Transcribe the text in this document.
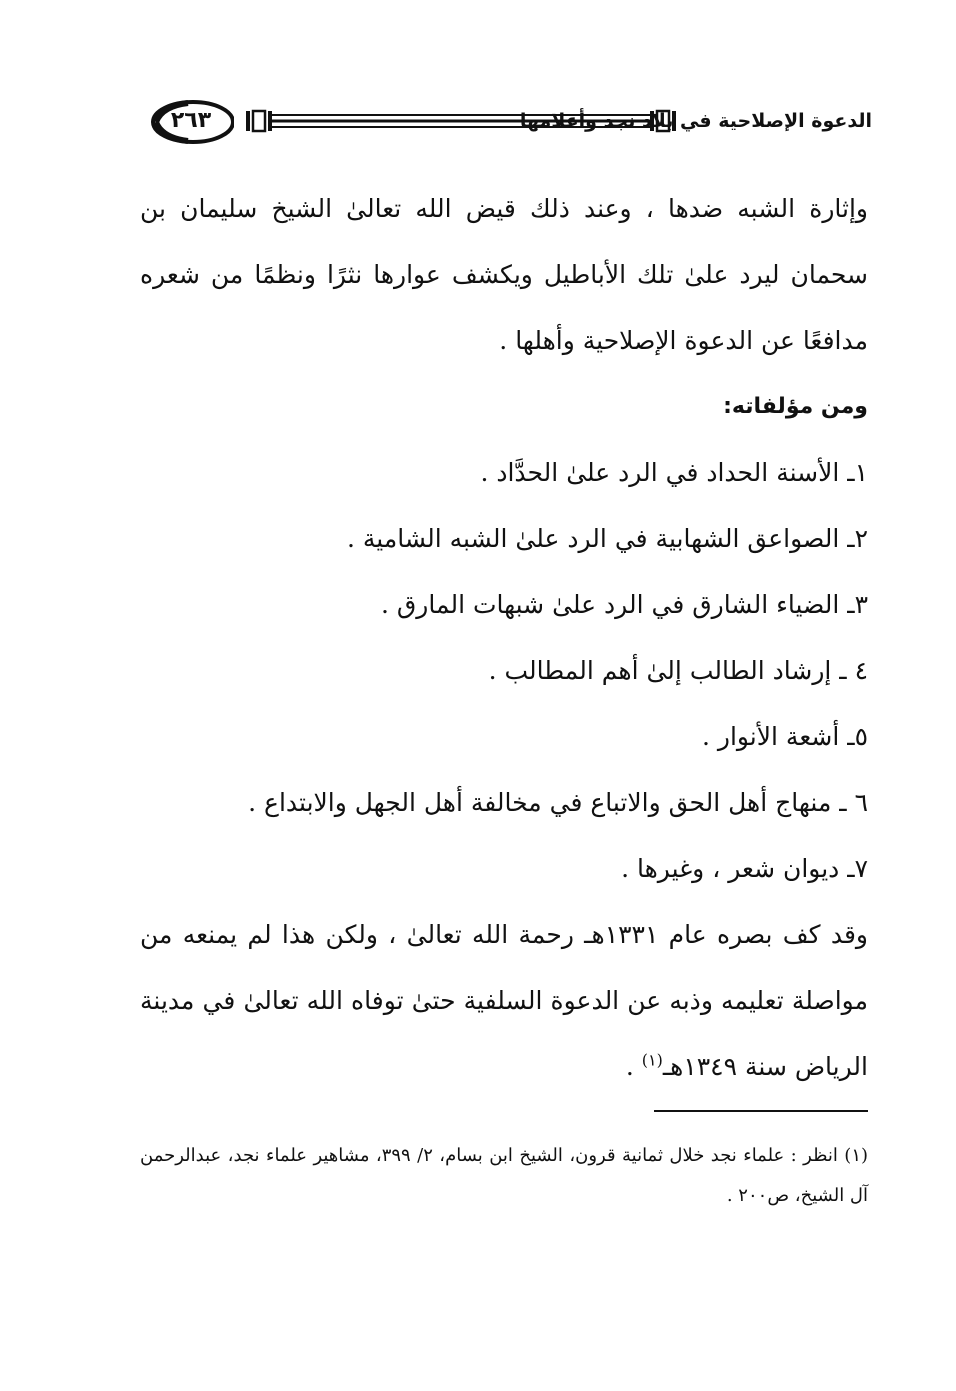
٢٦٣	الدعوة الإصلاحية في بلاد نجد وأعلامها

وإثارة الشبه ضدها ، وعند ذلك قيض الله تعالىٰ الشيخ سليمان بن سحمان ليرد علىٰ تلك الأباطيل ويكشف عوارها نثرًا ونظمًا من شعره مدافعًا عن الدعوة الإصلاحية وأهلها .

ومن مؤلفاته:

١ـ الأسنة الحداد في الرد علىٰ الحدَّاد .
٢ـ الصواعق الشهابية في الرد علىٰ الشبه الشامية .
٣ـ الضياء الشارق في الرد علىٰ شبهات المارق .
٤ ـ إرشاد الطالب إلىٰ أهم المطالب .
٥ـ أشعة الأنوار .
٦ ـ منهاج أهل الحق والاتباع في مخالفة أهل الجهل والابتداع .
٧ـ ديوان شعر ، وغيرها .

وقد كف بصره عام ١٣٣١هـ رحمة الله تعالىٰ ، ولكن هذا لم يمنعه من مواصلة تعليمه وذبه عن الدعوة السلفية حتىٰ توفاه الله تعالىٰ في مدينة الرياض سنة ١٣٤٩هـ$^{(١)}$ .

(١) انظر : علماء نجد خلال ثمانية قرون، الشيخ ابن بسام، ٢/ ٣٩٩، مشاهير علماء نجد، عبدالرحمن آل الشيخ، ص٢٠٠ .
